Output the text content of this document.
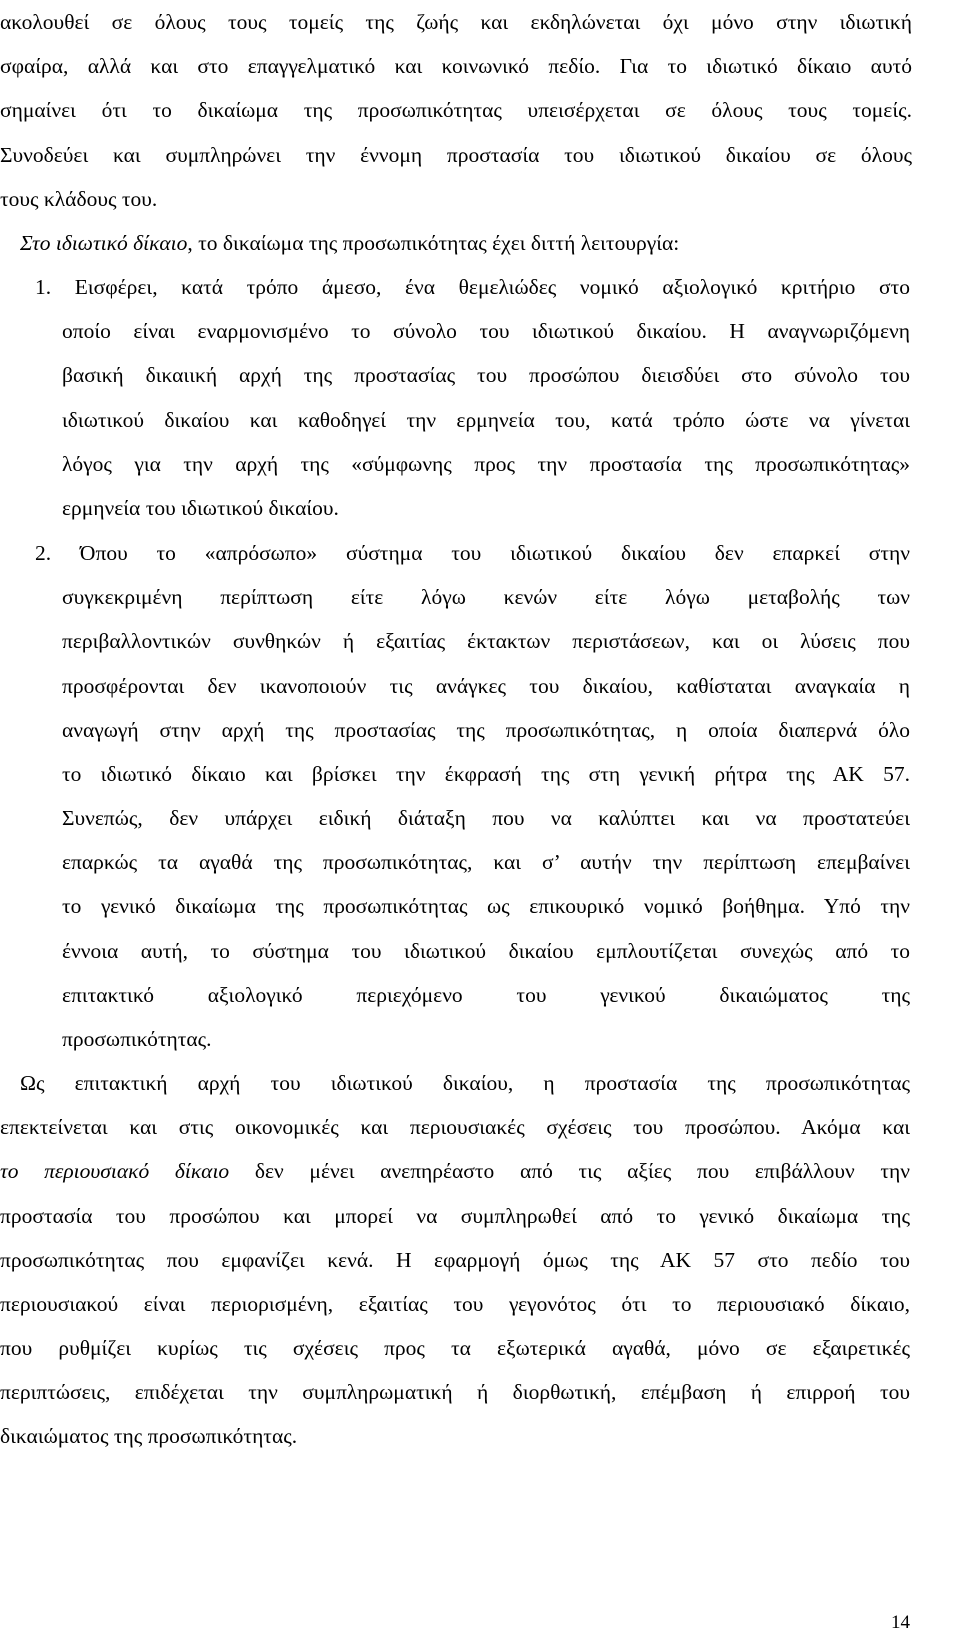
ακολουθεί σε όλους τους τομείς της ζωής και εκδηλώνεται όχι μόνο στην ιδιωτική
σφαίρα, αλλά και στο επαγγελματικό και κοινωνικό πεδίο. Για το ιδιωτικό δίκαιο αυτό
σημαίνει ότι το δικαίωμα της προσωπικότητας υπεισέρχεται σε όλους τους τομείς.
Συνοδεύει και συμπληρώνει την έννομη προστασία του ιδιωτικού δικαίου σε όλους
τους κλάδους του.
Στο ιδιωτικό δίκαιο, το δικαίωμα της προσωπικότητας έχει διττή λειτουργία:
1. Εισφέρει, κατά τρόπο άμεσο, ένα θεμελιώδες νομικό αξιολογικό κριτήριο στο
οποίο είναι εναρμονισμένο το σύνολο του ιδιωτικού δικαίου. Η αναγνωριζόμενη
βασική δικαιική αρχή της προστασίας του προσώπου διεισδύει στο σύνολο του
ιδιωτικού δικαίου και καθοδηγεί την ερμηνεία του, κατά τρόπο ώστε να γίνεται
λόγος για την αρχή της «σύμφωνης προς την προστασία της προσωπικότητας»
ερμηνεία του ιδιωτικού δικαίου.
2. Όπου το «απρόσωπο» σύστημα του ιδιωτικού δικαίου δεν επαρκεί στην
συγκεκριμένη περίπτωση είτε λόγω κενών είτε λόγω μεταβολής των
περιβαλλοντικών συνθηκών ή εξαιτίας έκτακτων περιστάσεων, και οι λύσεις που
προσφέρονται δεν ικανοποιούν τις ανάγκες του δικαίου, καθίσταται αναγκαία η
αναγωγή στην αρχή της προστασίας της προσωπικότητας, η οποία διαπερνά όλο
το ιδιωτικό δίκαιο και βρίσκει την έκφρασή της στη γενική ρήτρα της ΑΚ 57.
Συνεπώς, δεν υπάρχει ειδική διάταξη που να καλύπτει και να προστατεύει
επαρκώς τα αγαθά της προσωπικότητας, και σ’ αυτήν την περίπτωση επεμβαίνει
το γενικό δικαίωμα της προσωπικότητας ως επικουρικό νομικό βοήθημα. Υπό την
έννοια αυτή, το σύστημα του ιδιωτικού δικαίου εμπλουτίζεται συνεχώς από το
επιτακτικό αξιολογικό περιεχόμενο του γενικού δικαιώματος της
προσωπικότητας.
Ως επιτακτική αρχή του ιδιωτικού δικαίου, η προστασία της προσωπικότητας
επεκτείνεται και στις οικονομικές και περιουσιακές σχέσεις του προσώπου. Ακόμα και
το περιουσιακό δίκαιο δεν μένει ανεπηρέαστο από τις αξίες που επιβάλλουν την
προστασία του προσώπου και μπορεί να συμπληρωθεί από το γενικό δικαίωμα της
προσωπικότητας που εμφανίζει κενά. Η εφαρμογή όμως της ΑΚ 57 στο πεδίο του
περιουσιακού είναι περιορισμένη, εξαιτίας του γεγονότος ότι το περιουσιακό δίκαιο,
που ρυθμίζει κυρίως τις σχέσεις προς τα εξωτερικά αγαθά, μόνο σε εξαιρετικές
περιπτώσεις, επιδέχεται την συμπληρωματική ή διορθωτική, επέμβαση ή επιρροή του
δικαιώματος της προσωπικότητας.
14
